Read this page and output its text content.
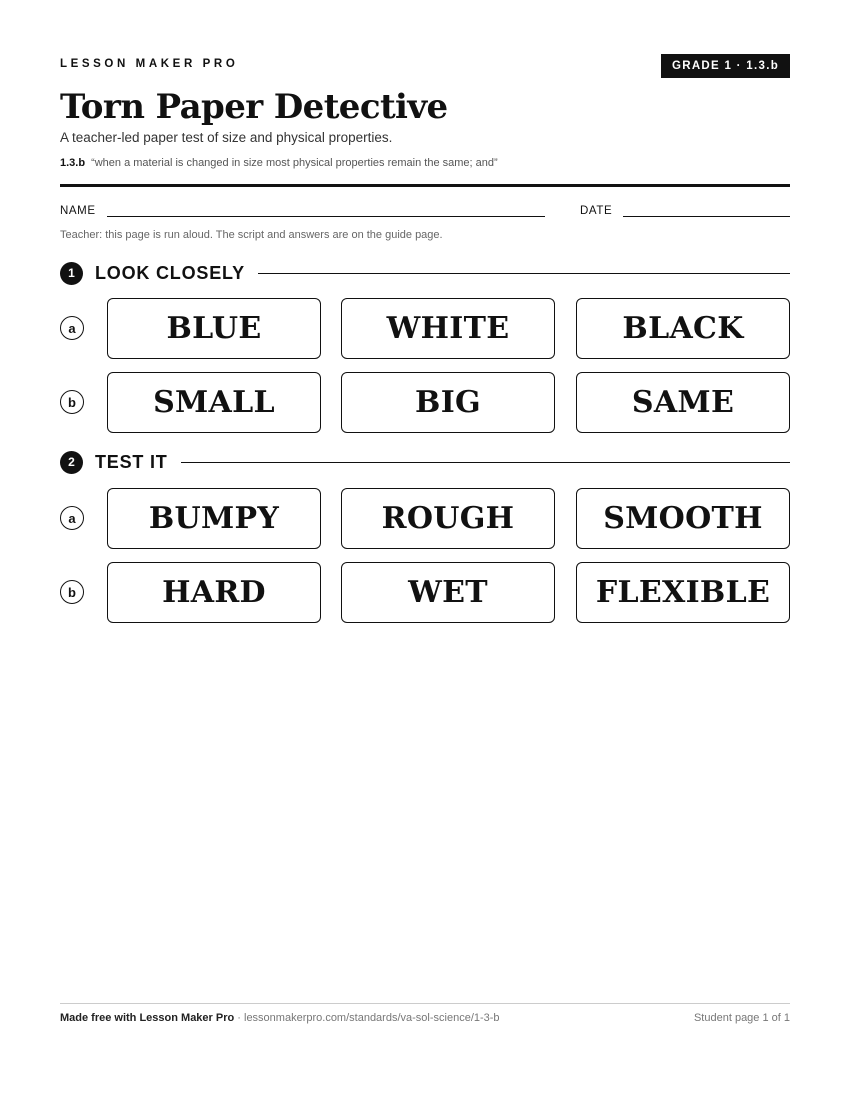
LESSON MAKER PRO	GRADE 1 · 1.3.b
Torn Paper Detective
A teacher-led paper test of size and physical properties.
1.3.b “when a material is changed in size most physical properties remain the same; and”
NAME	DATE
Teacher: this page is run aloud. The script and answers are on the guide page.
1	LOOK CLOSELY
a	BLUE	WHITE	BLACK
b	SMALL	BIG	SAME
2	TEST IT
a	BUMPY	ROUGH	SMOOTH
b	HARD	WET	FLEXIBLE
Made free with Lesson Maker Pro · lessonmakerpro.com/standards/va-sol-science/1-3-b	Student page 1 of 1
